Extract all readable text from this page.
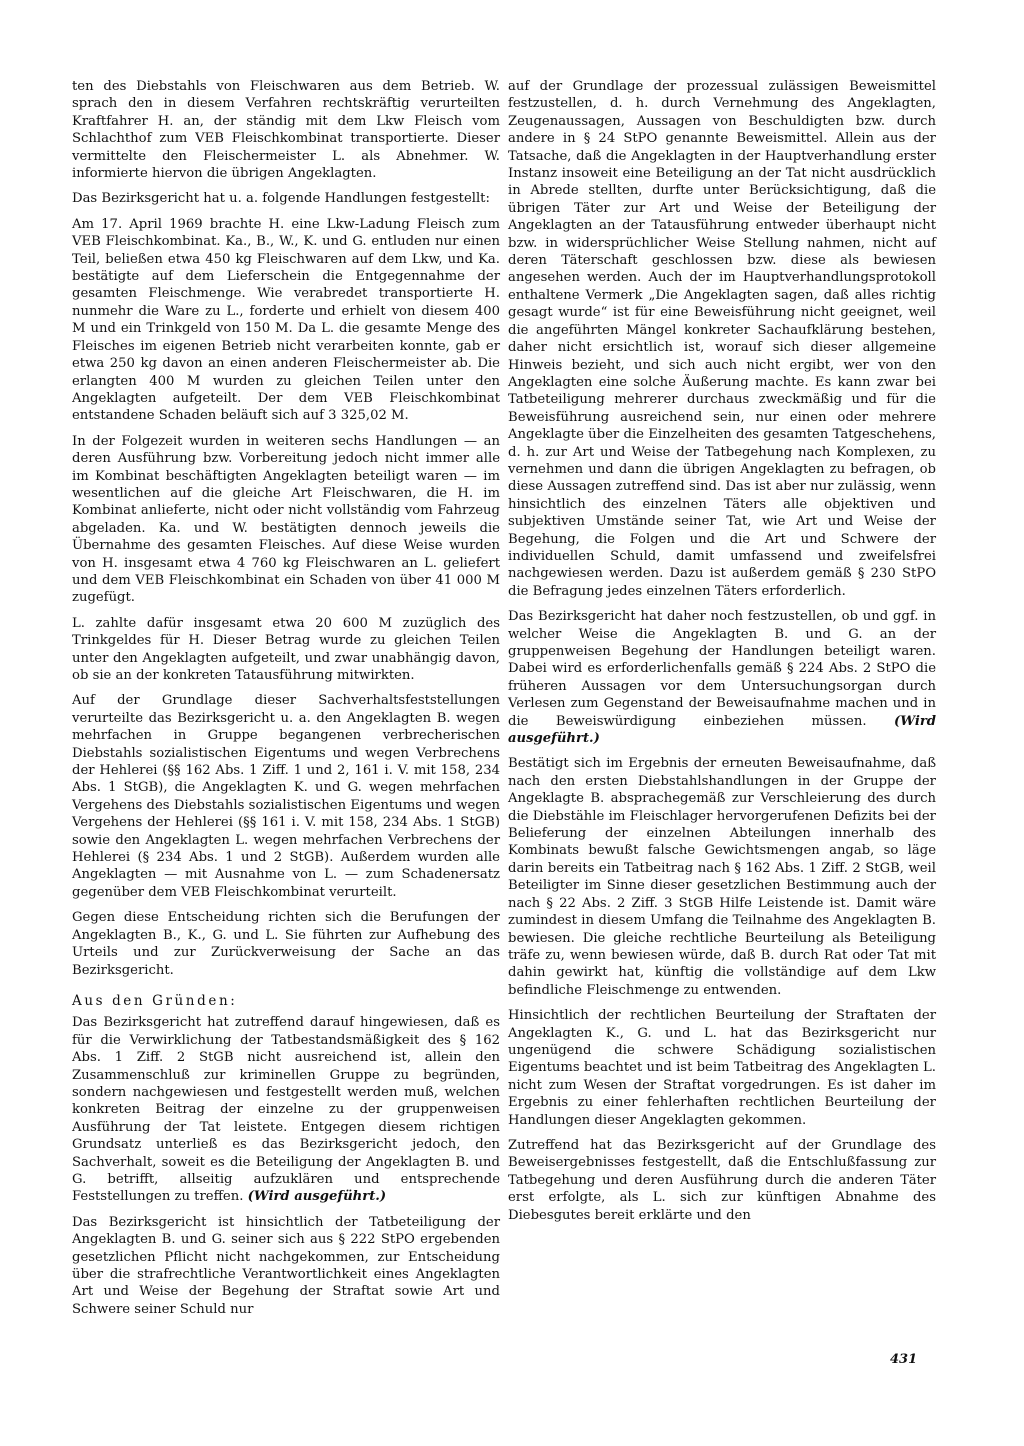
ten des Diebstahls von Fleischwaren aus dem Betrieb. W. sprach den in diesem Verfahren rechtskräftig verurteilten Kraftfahrer H. an, der ständig mit dem Lkw Fleisch vom Schlachthof zum VEB Fleischkombinat transportierte. Dieser vermittelte den Fleischermeister L. als Abnehmer. W. informierte hiervon die übrigen Angeklagten.

Das Bezirksgericht hat u. a. folgende Handlungen festgestellt:

Am 17. April 1969 brachte H. eine Lkw-Ladung Fleisch zum VEB Fleischkombinat. Ka., B., W., K. und G. entluden nur einen Teil, beließen etwa 450 kg Fleischwaren auf dem Lkw, und Ka. bestätigte auf dem Lieferschein die Entgegennahme der gesamten Fleischmenge. Wie verabredet transportierte H. nunmehr die Ware zu L., forderte und erhielt von diesem 400 M und ein Trinkgeld von 150 M. Da L. die gesamte Menge des Fleisches im eigenen Betrieb nicht verarbeiten konnte, gab er etwa 250 kg davon an einen anderen Fleischermeister ab. Die erlangten 400 M wurden zu gleichen Teilen unter den Angeklagten aufgeteilt. Der dem VEB Fleischkombinat entstandene Schaden beläuft sich auf 3 325,02 M.

In der Folgezeit wurden in weiteren sechs Handlungen — an deren Ausführung bzw. Vorbereitung jedoch nicht immer alle im Kombinat beschäftigten Angeklagten beteiligt waren — im wesentlichen auf die gleiche Art Fleischwaren, die H. im Kombinat anlieferte, nicht oder nicht vollständig vom Fahrzeug abgeladen. Ka. und W. bestätigten dennoch jeweils die Übernahme des gesamten Fleisches. Auf diese Weise wurden von H. insgesamt etwa 4 760 kg Fleischwaren an L. geliefert und dem VEB Fleischkombinat ein Schaden von über 41 000 M zugefügt.

L. zahlte dafür insgesamt etwa 20 600 M zuzüglich des Trinkgeldes für H. Dieser Betrag wurde zu gleichen Teilen unter den Angeklagten aufgeteilt, und zwar unabhängig davon, ob sie an der konkreten Tatausführung mitwirkten.

Auf der Grundlage dieser Sachverhaltsfeststellungen verurteilte das Bezirksgericht u. a. den Angeklagten B. wegen mehrfachen in Gruppe begangenen verbrecherischen Diebstahls sozialistischen Eigentums und wegen Verbrechens der Hehlerei (§§ 162 Abs. 1 Ziff. 1 und 2, 161 i. V. mit 158, 234 Abs. 1 StGB), die Angeklagten K. und G. wegen mehrfachen Vergehens des Diebstahls sozialistischen Eigentums und wegen Vergehens der Hehlerei (§§ 161 i. V. mit 158, 234 Abs. 1 StGB) sowie den Angeklagten L. wegen mehrfachen Verbrechens der Hehlerei (§ 234 Abs. 1 und 2 StGB). Außerdem wurden alle Angeklagten — mit Ausnahme von L. — zum Schadenersatz gegenüber dem VEB Fleischkombinat verurteilt.

Gegen diese Entscheidung richten sich die Berufungen der Angeklagten B., K., G. und L. Sie führten zur Aufhebung des Urteils und zur Zurückverweisung der Sache an das Bezirksgericht.

Aus den Gründen:

Das Bezirksgericht hat zutreffend darauf hingewiesen, daß es für die Verwirklichung der Tatbestandsmäßigkeit des § 162 Abs. 1 Ziff. 2 StGB nicht ausreichend ist, allein den Zusammenschluß zur kriminellen Gruppe zu begründen, sondern nachgewiesen und festgestellt werden muß, welchen konkreten Beitrag der einzelne zu der gruppenweisen Ausführung der Tat leistete. Entgegen diesem richtigen Grundsatz unterließ es das Bezirksgericht jedoch, den Sachverhalt, soweit es die Beteiligung der Angeklagten B. und G. betrifft, allseitig aufzuklären und entsprechende Feststellungen zu treffen. (Wird ausgeführt.)

Das Bezirksgericht ist hinsichtlich der Tatbeteiligung der Angeklagten B. und G. seiner sich aus § 222 StPO ergebenden gesetzlichen Pflicht nicht nachgekommen, zur Entscheidung über die strafrechtliche Verantwortlichkeit eines Angeklagten Art und Weise der Begehung der Straftat sowie Art und Schwere seiner Schuld nur

auf der Grundlage der prozessual zulässigen Beweismittel festzustellen, d. h. durch Vernehmung des Angeklagten, Zeugenaussagen, Aussagen von Beschuldigten bzw. durch andere in § 24 StPO genannte Beweismittel. Allein aus der Tatsache, daß die Angeklagten in der Hauptverhandlung erster Instanz insoweit eine Beteiligung an der Tat nicht ausdrücklich in Abrede stellten, durfte unter Berücksichtigung, daß die übrigen Täter zur Art und Weise der Beteiligung der Angeklagten an der Tatausführung entweder überhaupt nicht bzw. in widersprüchlicher Weise Stellung nahmen, nicht auf deren Täterschaft geschlossen bzw. diese als bewiesen angesehen werden. Auch der im Hauptverhandlungsprotokoll enthaltene Vermerk „Die Angeklagten sagen, daß alles richtig gesagt wurde“ ist für eine Beweisführung nicht geeignet, weil die angeführten Mängel konkreter Sachaufklärung bestehen, daher nicht ersichtlich ist, worauf sich dieser allgemeine Hinweis bezieht, und sich auch nicht ergibt, wer von den Angeklagten eine solche Äußerung machte. Es kann zwar bei Tatbeteiligung mehrerer durchaus zweckmäßig und für die Beweisführung ausreichend sein, nur einen oder mehrere Angeklagte über die Einzelheiten des gesamten Tatgeschehens, d. h. zur Art und Weise der Tatbegehung nach Komplexen, zu vernehmen und dann die übrigen Angeklagten zu befragen, ob diese Aussagen zutreffend sind. Das ist aber nur zulässig, wenn hinsichtlich des einzelnen Täters alle objektiven und subjektiven Umstände seiner Tat, wie Art und Weise der Begehung, die Folgen und die Art und Schwere der individuellen Schuld, damit umfassend und zweifelsfrei nachgewiesen werden. Dazu ist außerdem gemäß § 230 StPO die Befragung jedes einzelnen Täters erforderlich.

Das Bezirksgericht hat daher noch festzustellen, ob und ggf. in welcher Weise die Angeklagten B. und G. an der gruppenweisen Begehung der Handlungen beteiligt waren. Dabei wird es erforderlichenfalls gemäß § 224 Abs. 2 StPO die früheren Aussagen vor dem Untersuchungsorgan durch Verlesen zum Gegenstand der Beweisaufnahme machen und in die Beweiswürdigung einbeziehen müssen. (Wird ausgeführt.)

Bestätigt sich im Ergebnis der erneuten Beweisaufnahme, daß nach den ersten Diebstahlshandlungen in der Gruppe der Angeklagte B. absprachegemäß zur Verschleierung des durch die Diebstähle im Fleischlager hervorgerufenen Defizits bei der Belieferung der einzelnen Abteilungen innerhalb des Kombinats bewußt falsche Gewichtsmengen angab, so läge darin bereits ein Tatbeitrag nach § 162 Abs. 1 Ziff. 2 StGB, weil Beteiligter im Sinne dieser gesetzlichen Bestimmung auch der nach § 22 Abs. 2 Ziff. 3 StGB Hilfe Leistende ist. Damit wäre zumindest in diesem Umfang die Teilnahme des Angeklagten B. bewiesen. Die gleiche rechtliche Beurteilung als Beteiligung träfe zu, wenn bewiesen würde, daß B. durch Rat oder Tat mit dahin gewirkt hat, künftig die vollständige auf dem Lkw befindliche Fleischmenge zu entwenden.

Hinsichtlich der rechtlichen Beurteilung der Straftaten der Angeklagten K., G. und L. hat das Bezirksgericht nur ungenügend die schwere Schädigung sozialistischen Eigentums beachtet und ist beim Tatbeitrag des Angeklagten L. nicht zum Wesen der Straftat vorgedrungen. Es ist daher im Ergebnis zu einer fehlerhaften rechtlichen Beurteilung der Handlungen dieser Angeklagten gekommen.

Zutreffend hat das Bezirksgericht auf der Grundlage des Beweisergebnisses festgestellt, daß die Entschlußfassung zur Tatbegehung und deren Ausführung durch die anderen Täter erst erfolgte, als L. sich zur künftigen Abnahme des Diebesgutes bereit erklärte und den

431
